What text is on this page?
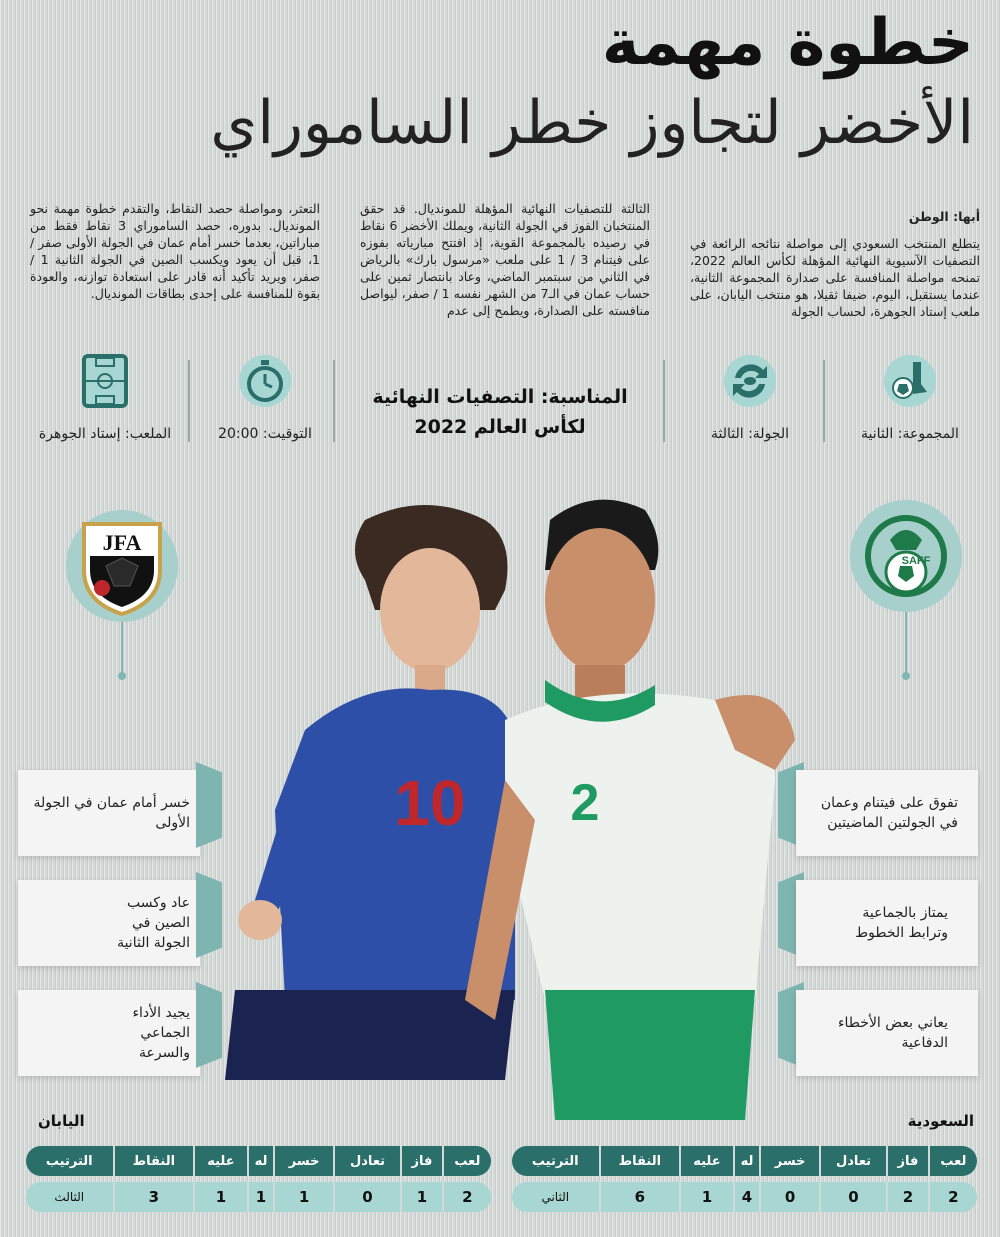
خطوة مهمة
الأخضر لتجاوز خطر الساموراي
أبها: الوطن
يتطلع المنتخب السعودي إلى مواصلة نتائجه الرائعة في التصفيات الآسيوية النهائية المؤهلة لكأس العالم 2022، تمنحه مواصلة المنافسة على صدارة المجموعة الثانية، عندما يستقبل، اليوم، ضيفا ثقيلا، هو منتخب اليابان، على ملعب إستاد الجوهرة، لحساب الجولة
الثالثة للتصفيات النهائية المؤهلة للمونديال. قد حقق المنتخبان الفوز في الجولة الثانية، ويملك الأخضر 6 نقاط في رصيده بالمجموعة القوية، إذ افتتح مبارياته بفوزه على فيتنام 3 / 1 على ملعب «مرسول بارك» بالرياض في الثاني من سبتمبر الماضي، وعاد بانتصار ثمين على حساب عمان في الـ7 من الشهر نفسه 1 / صفر، ليواصل منافسته على الصدارة، ويطمح إلى عدم
التعثر، ومواصلة حصد النقاط، والتقدم خطوة مهمة نحو المونديال. بدوره، حصد الساموراي 3 نقاط فقط من مباراتين، بعدما خسر أمام عمان في الجولة الأولى صفر / 1، قبل أن يعود ويكسب الصين في الجولة الثانية 1 /صفر، ويريد تأكيد أنه قادر على استعادة توازنه، والعودة بقوة للمنافسة على إحدى بطاقات المونديال.
المجموعة: الثانية
الجولة: الثالثة
المناسبة: التصفيات النهائية
لكأس العالم 2022
التوقيت: 20:00
الملعب: إستاد الجوهرة
JFA
SAFF
10 2
خسر أمام عمان في الجولة الأولى
عاد وكسب الصين في الجولة الثانية
يجيد الأداء الجماعي والسرعة
تفوق على فيتنام وعمان في الجولتين الماضيتين
يمتاز بالجماعية وترابط الخطوط
يعاني بعض الأخطاء الدفاعية
السعودية
اليابان
لعب	فاز	تعادل	خسر	له	عليه	النقاط	الترتيب

2	2	0	0	4	1	6	الثاني
لعب	فاز	تعادل	خسر	له	عليه	النقاط	الترتيب

2	1	0	1	1	1	3	الثالث
